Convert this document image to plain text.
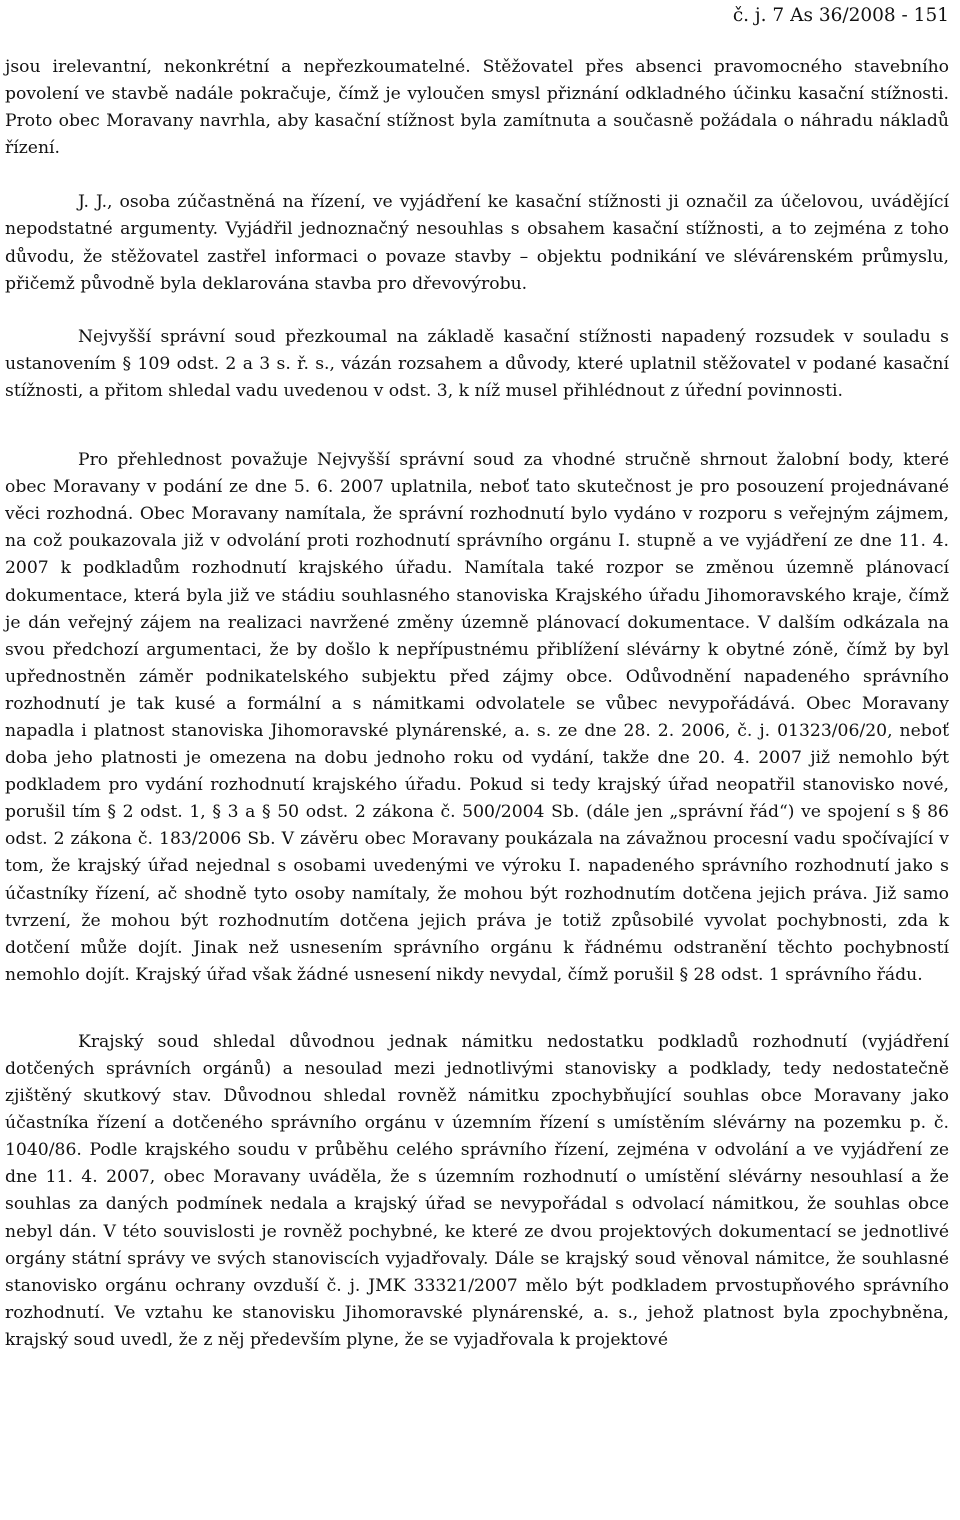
č. j. 7 As 36/2008 - 151

jsou irelevantní, nekonkrétní a nepřezkoumatelné. Stěžovatel přes absenci pravomocného stavebního povolení ve stavbě nadále pokračuje, čímž je vyloučen smysl přiznání odkladného účinku kasační stížnosti. Proto obec Moravany navrhla, aby kasační stížnost byla zamítnuta a současně požádala o náhradu nákladů řízení.

J. J., osoba zúčastněná na řízení, ve vyjádření ke kasační stížnosti ji označil za účelovou, uvádějící nepodstatné argumenty. Vyjádřil jednoznačný nesouhlas s obsahem kasační stížnosti, a to zejména z toho důvodu, že stěžovatel zastřel informaci o povaze stavby – objektu podnikání ve slévárenském průmyslu, přičemž původně byla deklarována stavba pro dřevovýrobu.

Nejvyšší správní soud přezkoumal na základě kasační stížnosti napadený rozsudek v souladu s ustanovením § 109 odst. 2 a 3 s. ř. s., vázán rozsahem a důvody, které uplatnil stěžovatel v podané kasační stížnosti, a přitom shledal vadu uvedenou v odst. 3, k níž musel přihlédnout z úřední povinnosti.

Pro přehlednost považuje Nejvyšší správní soud za vhodné stručně shrnout žalobní body, které obec Moravany v podání ze dne 5. 6. 2007 uplatnila, neboť tato skutečnost je pro posouzení projednávané věci rozhodná. Obec Moravany namítala, že správní rozhodnutí bylo vydáno v rozporu s veřejným zájmem, na což poukazovala již v odvolání proti rozhodnutí správního orgánu I. stupně a ve vyjádření ze dne 11. 4. 2007 k podkladům rozhodnutí krajského úřadu. Namítala také rozpor se změnou územně plánovací dokumentace, která byla již ve stádiu souhlasného stanoviska Krajského úřadu Jihomoravského kraje, čímž je dán veřejný zájem na realizaci navržené změny územně plánovací dokumentace. V dalším odkázala na svou předchozí argumentaci, že by došlo k nepřípustnému přiblížení slévárny k obytné zóně, čímž by byl upřednostněn záměr podnikatelského subjektu před zájmy obce. Odůvodnění napadeného správního rozhodnutí je tak kusé a formální a s námitkami odvolatele se vůbec nevypořádává. Obec Moravany napadla i platnost stanoviska Jihomoravské plynárenské, a. s. ze dne 28. 2. 2006, č. j. 01323/06/20, neboť doba jeho platnosti je omezena na dobu jednoho roku od vydání, takže dne 20. 4. 2007 již nemohlo být podkladem pro vydání rozhodnutí krajského úřadu. Pokud si tedy krajský úřad neopatřil stanovisko nové, porušil tím § 2 odst. 1, § 3 a § 50 odst. 2 zákona č. 500/2004 Sb. (dále jen „správní řád“) ve spojení s § 86 odst. 2 zákona č. 183/2006 Sb. V závěru obec Moravany poukázala na závažnou procesní vadu spočívající v tom, že krajský úřad nejednal s osobami uvedenými ve výroku I. napadeného správního rozhodnutí jako s účastníky řízení, ač shodně tyto osoby namítaly, že mohou být rozhodnutím dotčena jejich práva. Již samo tvrzení, že mohou být rozhodnutím dotčena jejich práva je totiž způsobilé vyvolat pochybnosti, zda k dotčení může dojít. Jinak než usnesením správního orgánu k řádnému odstranění těchto pochybností nemohlo dojít. Krajský úřad však žádné usnesení nikdy nevydal, čímž porušil § 28 odst. 1 správního řádu.

Krajský soud shledal důvodnou jednak námitku nedostatku podkladů rozhodnutí (vyjádření dotčených správních orgánů) a nesoulad mezi jednotlivými stanovisky a podklady, tedy nedostatečně zjištěný skutkový stav. Důvodnou shledal rovněž námitku zpochybňující souhlas obce Moravany jako účastníka řízení a dotčeného správního orgánu v územním řízení s umístěním slévárny na pozemku p. č. 1040/86. Podle krajského soudu v průběhu celého správního řízení, zejména v odvolání a ve vyjádření ze dne 11. 4. 2007, obec Moravany uváděla, že s územním rozhodnutí o umístění slévárny nesouhlasí a že souhlas za daných podmínek nedala a krajský úřad se nevypořádal s odvolací námitkou, že souhlas obce nebyl dán. V této souvislosti je rovněž pochybné, ke které ze dvou projektových dokumentací se jednotlivé orgány státní správy ve svých stanoviscích vyjadřovaly. Dále se krajský soud věnoval námitce, že souhlasné stanovisko orgánu ochrany ovzduší č. j. JMK 33321/2007 mělo být podkladem prvostupňového správního rozhodnutí. Ve vztahu ke stanovisku Jihomoravské plynárenské, a. s., jehož platnost byla zpochybněna, krajský soud uvedl, že z něj především plyne, že se vyjadřovala k projektové
